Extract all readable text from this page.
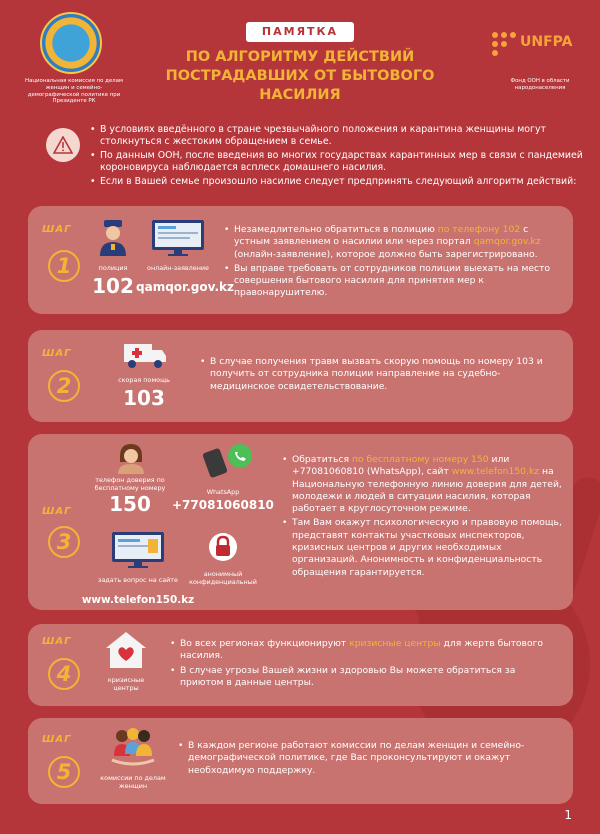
Национальная комиссия по делам женщин и семейно-демографической политике при Президенте РК
ПАМЯТКА
ПО АЛГОРИТМУ ДЕЙСТВИЙ
ПОСТРАДАВШИХ ОТ БЫТОВОГО
НАСИЛИЯ
UNFPA
Фонд ООН в области народонаселения
• В условиях введённого в стране чрезвычайного положения и карантина женщины могут столкнуться с жестоким обращением в семье.
• По данным ООН, после введения во многих государствах карантинных мер в связи с пандемией коронoвируса наблюдается всплеск домашнего насилия.
• Если в Вашей семье произошло насилие следует предпринять следующий алгоритм действий:
ШАГ
1	полиция
102
онлайн-заявление
qamqor.gov.kz
• Незамедлительно обратиться в полицию по телефону 102 с устным заявлением о насилии или через портал qamqor.gov.kz (онлайн-заявление), которое должно быть зарегистрировано.
• Вы вправе требовать от сотрудников полиции выехать на место совершения бытового насилия для принятия мер к правонарушителю.
ШАГ
2	скорая помощь
103
• В случае получения травм вызвать скорую помощь по номеру 103 и получить от сотрудника полиции направление на судебно-медицинское освидетельствование.
ШАГ
3
телефон доверия по бесплатному номеру
150	WhatsApp
+77081060810
задать вопрос на сайте
www.telefon150.kz
анонимный конфиденциальный
• Обратиться по бесплатному номеру 150 или +77081060810 (WhatsApp), сайт www.telefon150.kz на Национальную телефонную линию доверия для детей, молодежи и людей в ситуации насилия, которая работает в круглосуточном режиме.
• Там Вам окажут психологическую и правовую помощь, представят контакты участковых инспекторов, кризисных центров и других необходимых организаций. Анонимность и конфиденциальность обращения гарантируется.
ШАГ
4	кризисные центры
• Во всех регионах функционируют кризисные центры для жертв бытового насилия.
• В случае угрозы Вашей жизни и здоровью Вы можете обратиться за приютом в данные центры.
ШАГ
5	комиссии по делам женщин
• В каждом регионе работают комиссии по делам женщин и семейно-демографической политике, где Вас проконсультируют и окажут необходимую поддержку.
1
